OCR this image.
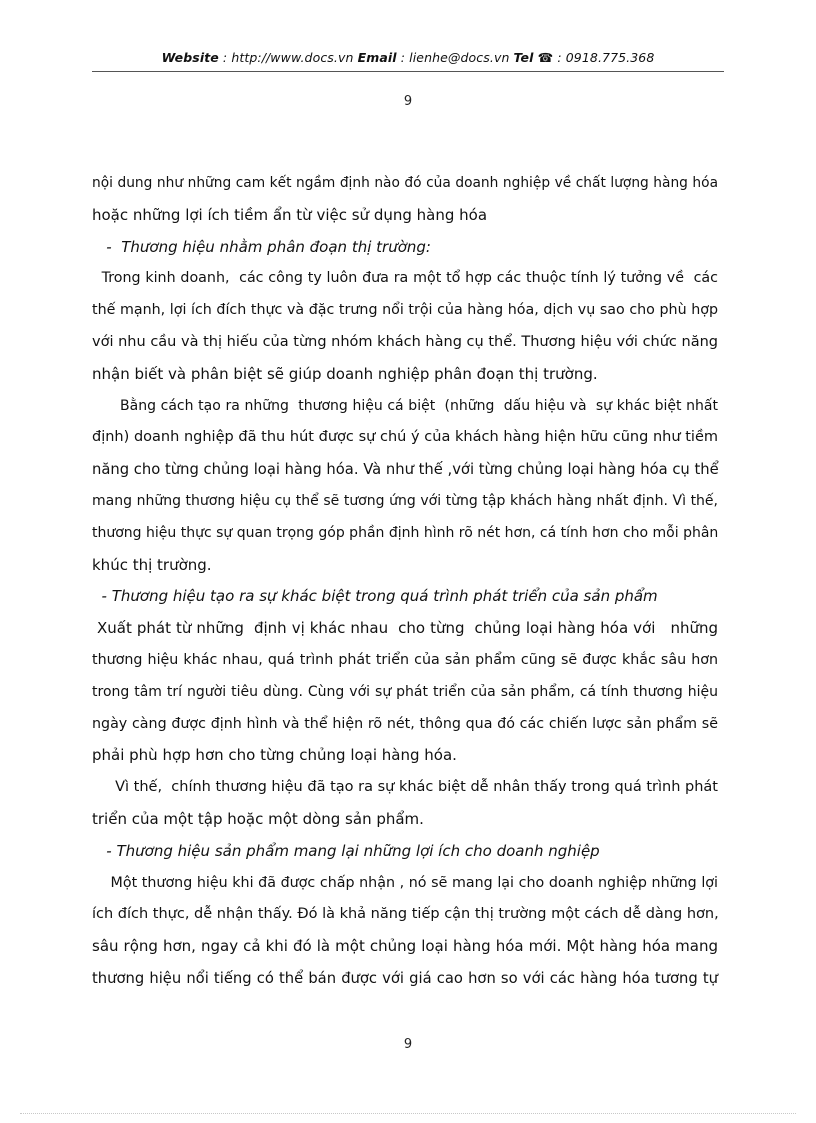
Website : http://www.docs.vn Email : lienhe@docs.vn Tel ☎ : 0918.775.368
9
nội dung như những cam kết ngầm định nào đó của doanh nghiệp về chất lượng hàng hóa
hoặc những lợi ích tiềm ẩn từ việc sử dụng hàng hóa
-  Thương hiệu nhằm phân đoạn thị trường:
Trong kinh doanh,  các công ty luôn đưa ra một tổ hợp các thuộc tính lý tưởng về  các
thế mạnh, lợi ích đích thực và đặc trưng nổi trội của hàng hóa, dịch vụ sao cho phù hợp
với nhu cầu và thị hiếu của từng nhóm khách hàng cụ thể. Thương hiệu với chức năng
nhận biết và phân biệt sẽ giúp doanh nghiệp phân đoạn thị trường.
Bằng cách tạo ra những  thương hiệu cá biệt  (những  dấu hiệu và  sự khác biệt nhất
định) doanh nghiệp đã thu hút được sự chú ý của khách hàng hiện hữu cũng như tiềm
năng cho từng chủng loại hàng hóa. Và như thế ,với từng chủng loại hàng hóa cụ thể
mang những thương hiệu cụ thể sẽ tương ứng với từng tập khách hàng nhất định. Vì thế,
thương hiệu thực sự quan trọng góp phần định hình rõ nét hơn, cá tính hơn cho mỗi phân
khúc thị trường.
- Thương hiệu tạo ra sự khác biệt trong quá trình phát triển của sản phẩm
Xuất phát từ những  định vị khác nhau  cho từng  chủng loại hàng hóa với   những
thương hiệu khác nhau, quá trình phát triển của sản phẩm cũng sẽ được khắc sâu hơn
trong tâm trí người tiêu dùng. Cùng với sự phát triển của sản phẩm, cá tính thương hiệu
ngày càng được định hình và thể hiện rõ nét, thông qua đó các chiến lược sản phẩm sẽ
phải phù hợp hơn cho từng chủng loại hàng hóa.
Vì thế,  chính thương hiệu đã tạo ra sự khác biệt dễ nhân thấy trong quá trình phát
triển của một tập hoặc một dòng sản phẩm.
- Thương hiệu sản phẩm mang lại những lợi ích cho doanh nghiệp
Một thương hiệu khi đã được chấp nhận , nó sẽ mang lại cho doanh nghiệp những lợi
ích đích thực, dễ nhận thấy. Đó là khả năng tiếp cận thị trường một cách dễ dàng hơn,
sâu rộng hơn, ngay cả khi đó là một chủng loại hàng hóa mới. Một hàng hóa mang
thương hiệu nổi tiếng có thể bán được với giá cao hơn so với các hàng hóa tương tự
9
